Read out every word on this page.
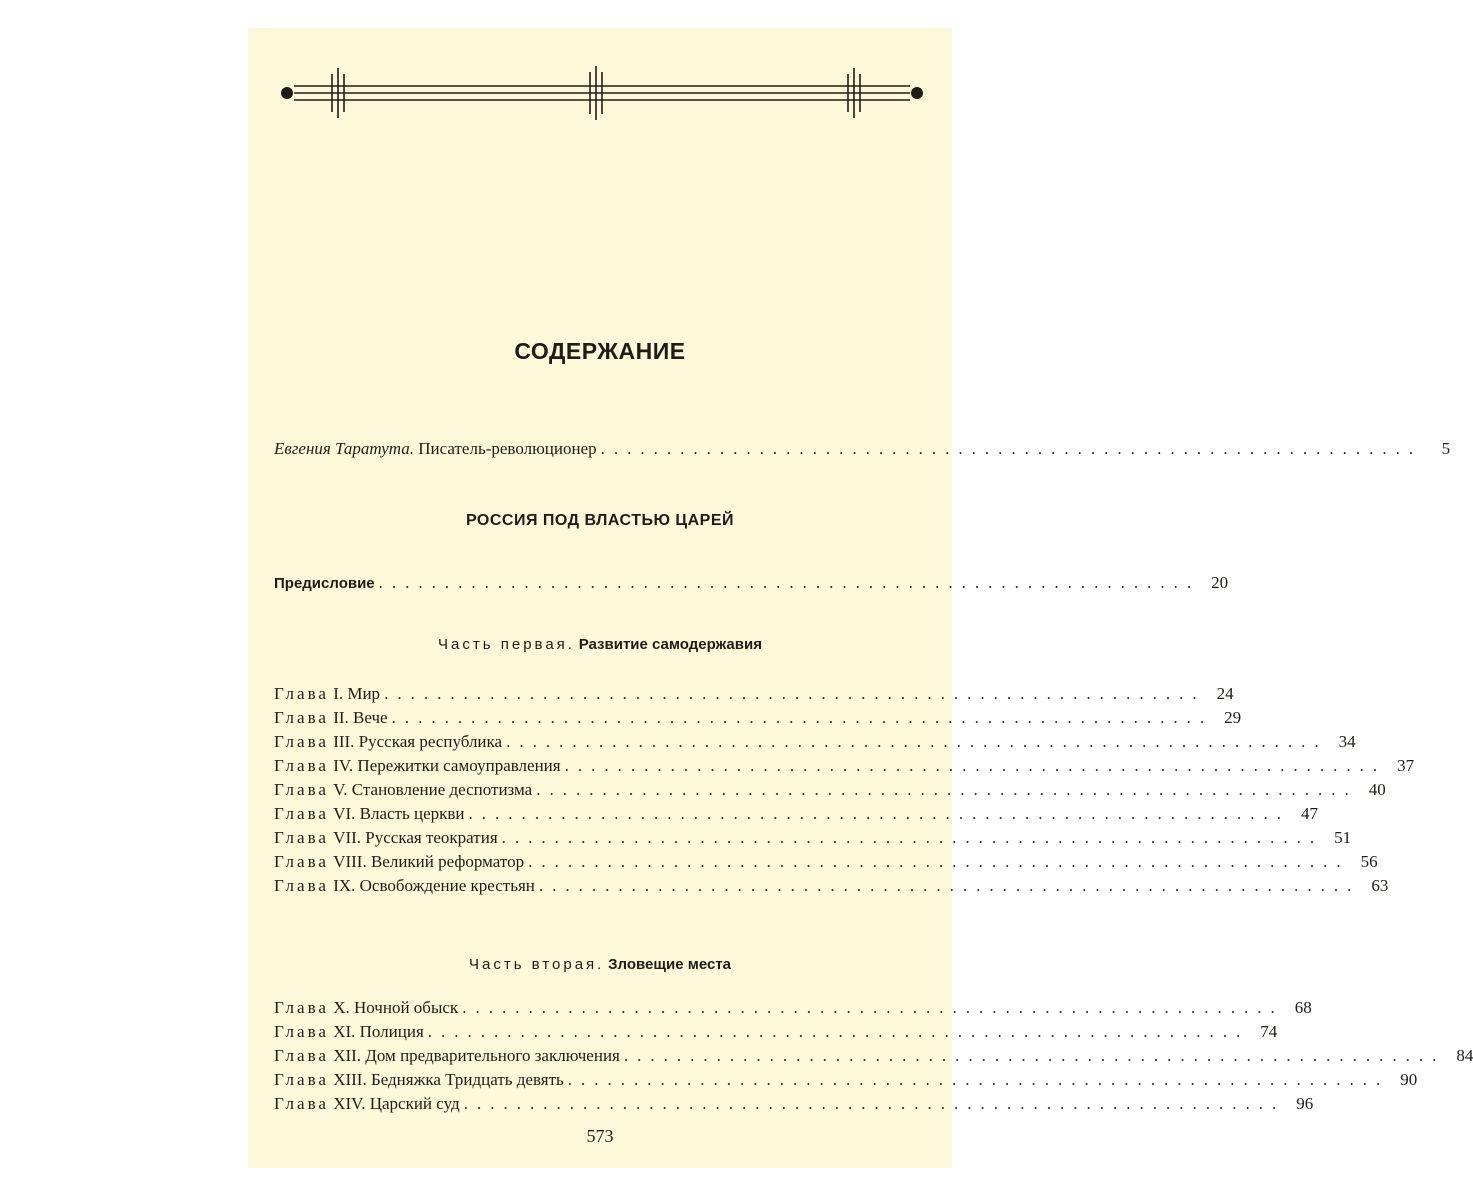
СОДЕРЖАНИЕ
Евгения Таратута. Писатель-революционер ..............................................................	5
РОССИЯ ПОД ВЛАСТЬЮ ЦАРЕЙ
Предисловие .............................................................. 20
Часть первая. Развитие самодержавия
Глава I. Мир .............................................................. 24
Глава II. Вече .............................................................. 29
Глава III. Русская республика .............................................................. 34
Глава IV. Пережитки самоуправления .............................................................. 37
Глава V. Становление деспотизма .............................................................. 40
Глава VI. Власть церкви .............................................................. 47
Глава VII. Русская теократия .............................................................. 51
Глава VIII. Великий реформатор .............................................................. 56
Глава IX. Освобождение крестьян .............................................................. 63
Часть вторая. Зловещие места
Глава X. Ночной обыск .............................................................. 68
Глава XI. Полиция .............................................................. 74
Глава XII. Дом предварительного заключения .............................................................. 84
Глава XIII. Бедняжка Тридцать девять .............................................................. 90
Глава XIV. Царский суд .............................................................. 96
573
